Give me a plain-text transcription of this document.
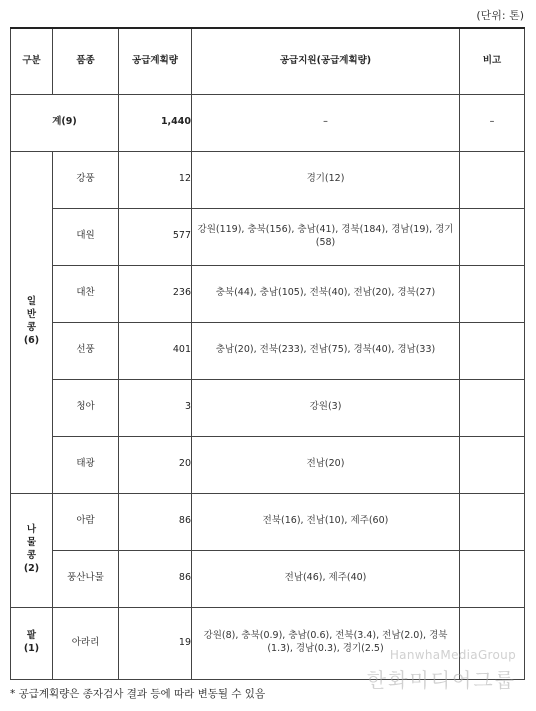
(단위: 톤)
구분	품종	공급계획량	공급지원(공급계획량)	비고
계(9)		1,440	–	–
일
반
콩
(6)	강풍	12	경기(12)	
	대원	577	강원(119), 충북(156), 충남(41), 경북(184), 경남(19), 경기(58)	
	대찬	236	충북(44), 충남(105), 전북(40), 전남(20), 경북(27)	
	선풍	401	충남(20), 전북(233), 전남(75), 경북(40), 경남(33)	
	청아	3	강원(3)	
	태광	20	전남(20)	
나
물
콩
(2)	아람	86	전북(16), 전남(10), 제주(60)	
	풍산나물	86	전남(46), 제주(40)	
팥
(1)	아라리	19	강원(8), 충북(0.9), 충남(0.6), 전북(3.4), 전남(2.0), 경북(1.3), 경남(0.3), 경기(2.5)	HanwhaMediaGroup
한화미디어그룹
* 공급계획량은 종자검사 결과 등에 따라 변동될 수 있음
